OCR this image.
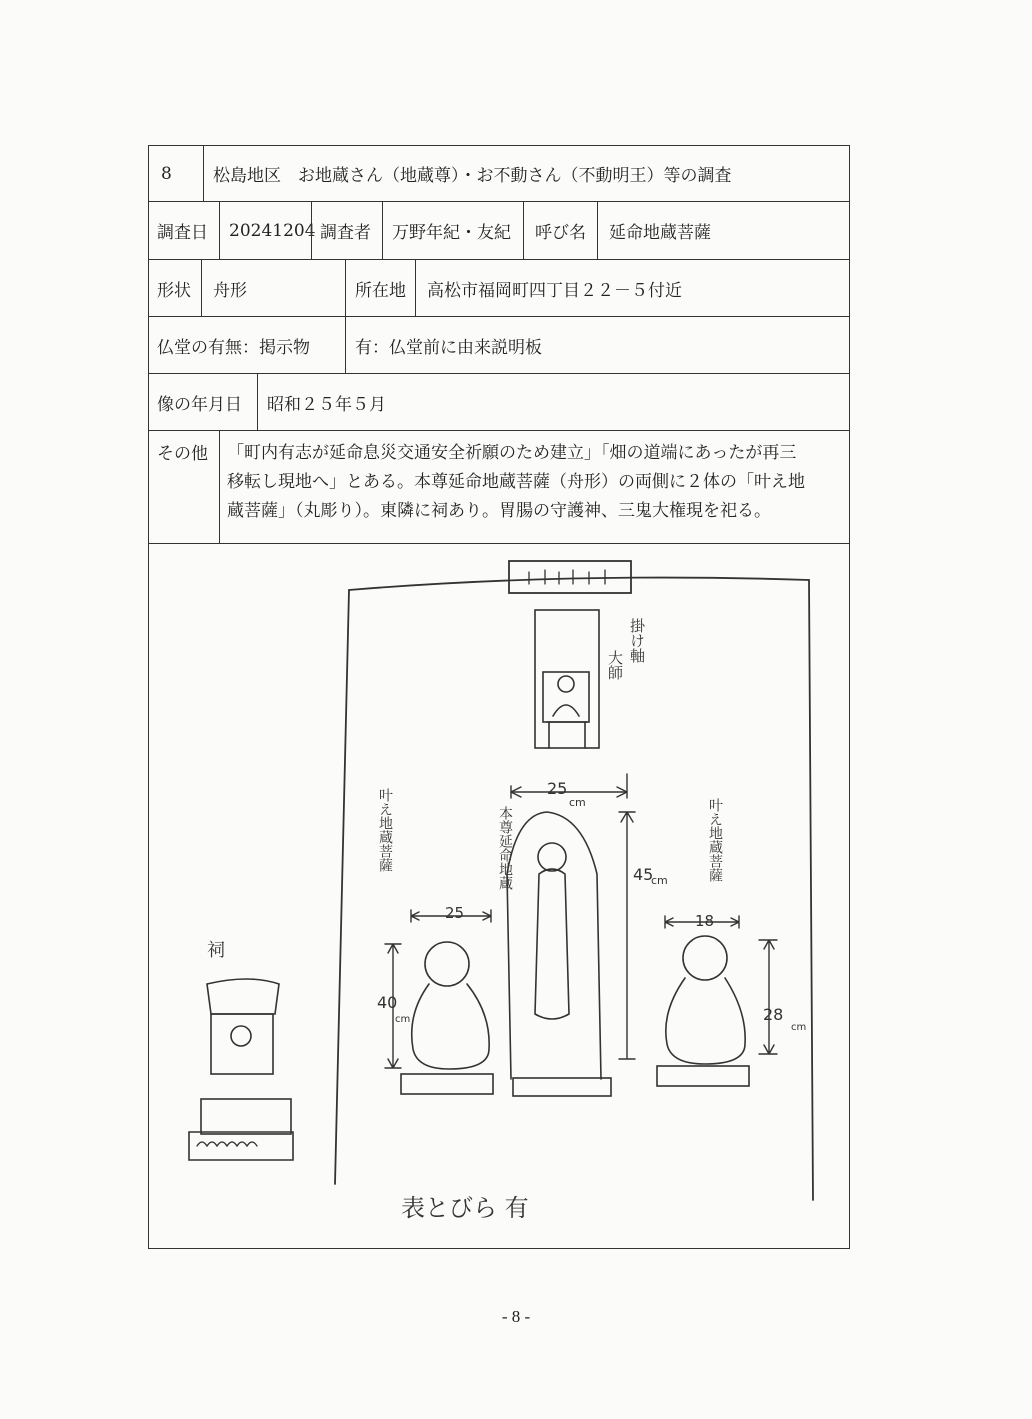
8	松島地区　お地蔵さん（地蔵尊）・お不動さん（不動明王）等の調査
調査日 20241204 調査者 万野年紀・友紀 呼び名 延命地蔵菩薩
形状 舟形	所在地 高松市福岡町四丁目２２－５付近
仏堂の有無：掲示物	有：仏堂前に由来説明板
像の年月日 昭和２５年５月
その他 「町内有志が延命息災交通安全祈願のため建立」「畑の道端にあったが再三
移転し現地へ」とある。本尊延命地蔵菩薩（舟形）の両側に２体の「叶え地
蔵菩薩」（丸彫り）。東隣に祠あり。胃腸の守護神、三鬼大権現を祀る。
掛け軸
大師
本尊延命地蔵
叶え地蔵菩薩	叶え地蔵菩薩
祠
25
cm
45
cm
25
40
cm
18
28
cm
表とびら 有
- 8 -
